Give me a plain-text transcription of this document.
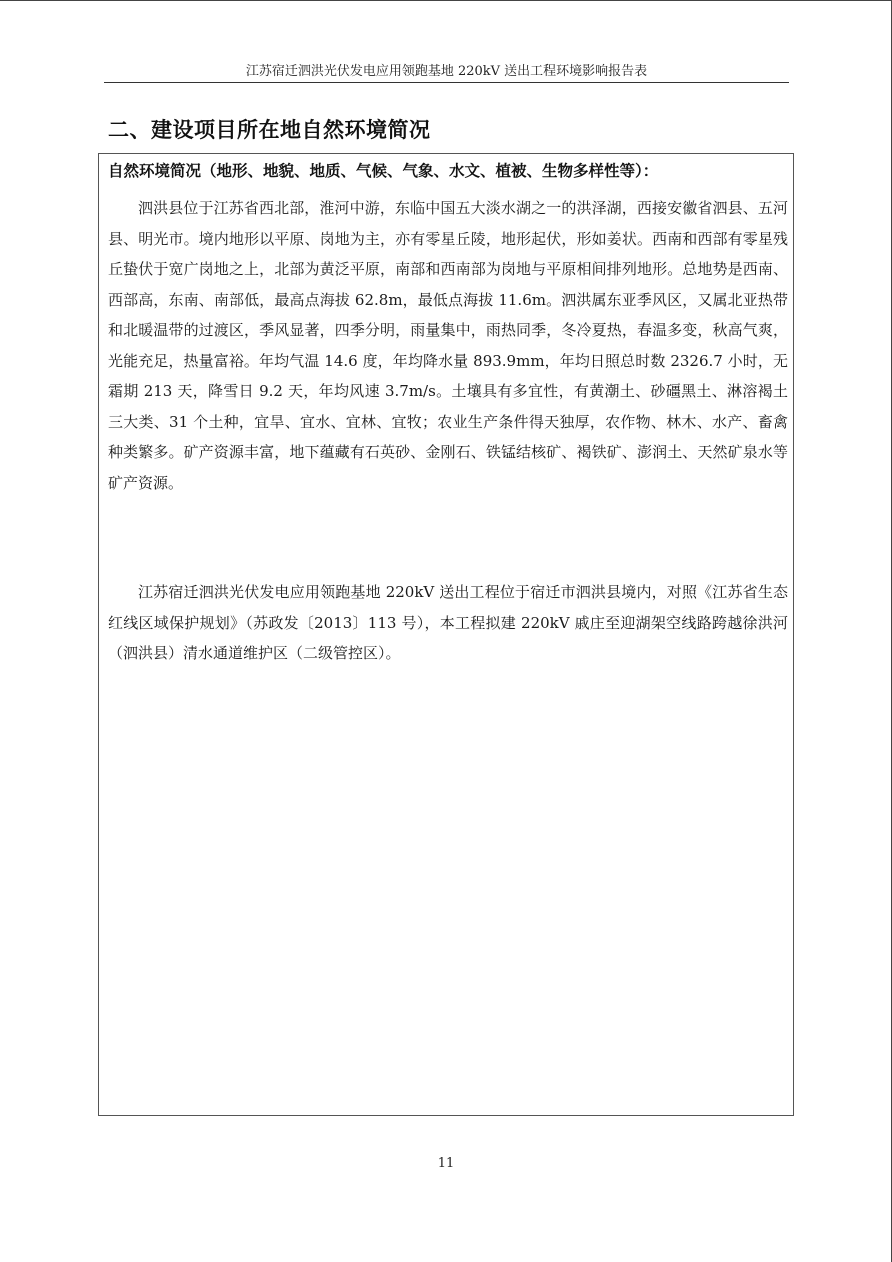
江苏宿迁泗洪光伏发电应用领跑基地 220kV 送出工程环境影响报告表
二、建设项目所在地自然环境简况
自然环境简况（地形、地貌、地质、气候、气象、水文、植被、生物多样性等）：

泗洪县位于江苏省西北部，淮河中游，东临中国五大淡水湖之一的洪泽湖，西接安徽省泗县、五河县、明光市。境内地形以平原、岗地为主，亦有零星丘陵，地形起伏，形如姜状。西南和西部有零星残丘蛰伏于宽广岗地之上，北部为黄泛平原，南部和西南部为岗地与平原相间排列地形。总地势是西南、西部高，东南、南部低，最高点海拔 62.8m，最低点海拔 11.6m。泗洪属东亚季风区，又属北亚热带和北暖温带的过渡区，季风显著，四季分明，雨量集中，雨热同季，冬冷夏热，春温多变，秋高气爽，光能充足，热量富裕。年均气温 14.6 度，年均降水量 893.9mm，年均日照总时数 2326.7 小时，无霜期 213 天，降雪日 9.2 天，年均风速 3.7m/s。土壤具有多宜性，有黄潮土、砂礓黑土、淋溶褐土三大类、31 个土种，宜旱、宜水、宜林、宜牧；农业生产条件得天独厚，农作物、林木、水产、畜禽种类繁多。矿产资源丰富，地下蕴藏有石英砂、金刚石、铁锰结核矿、褐铁矿、澎润土、天然矿泉水等矿产资源。

江苏宿迁泗洪光伏发电应用领跑基地 220kV 送出工程位于宿迁市泗洪县境内，对照《江苏省生态红线区域保护规划》（苏政发〔2013〕113 号），本工程拟建 220kV 戚庄至迎湖架空线路跨越徐洪河（泗洪县）清水通道维护区（二级管控区）。

11
